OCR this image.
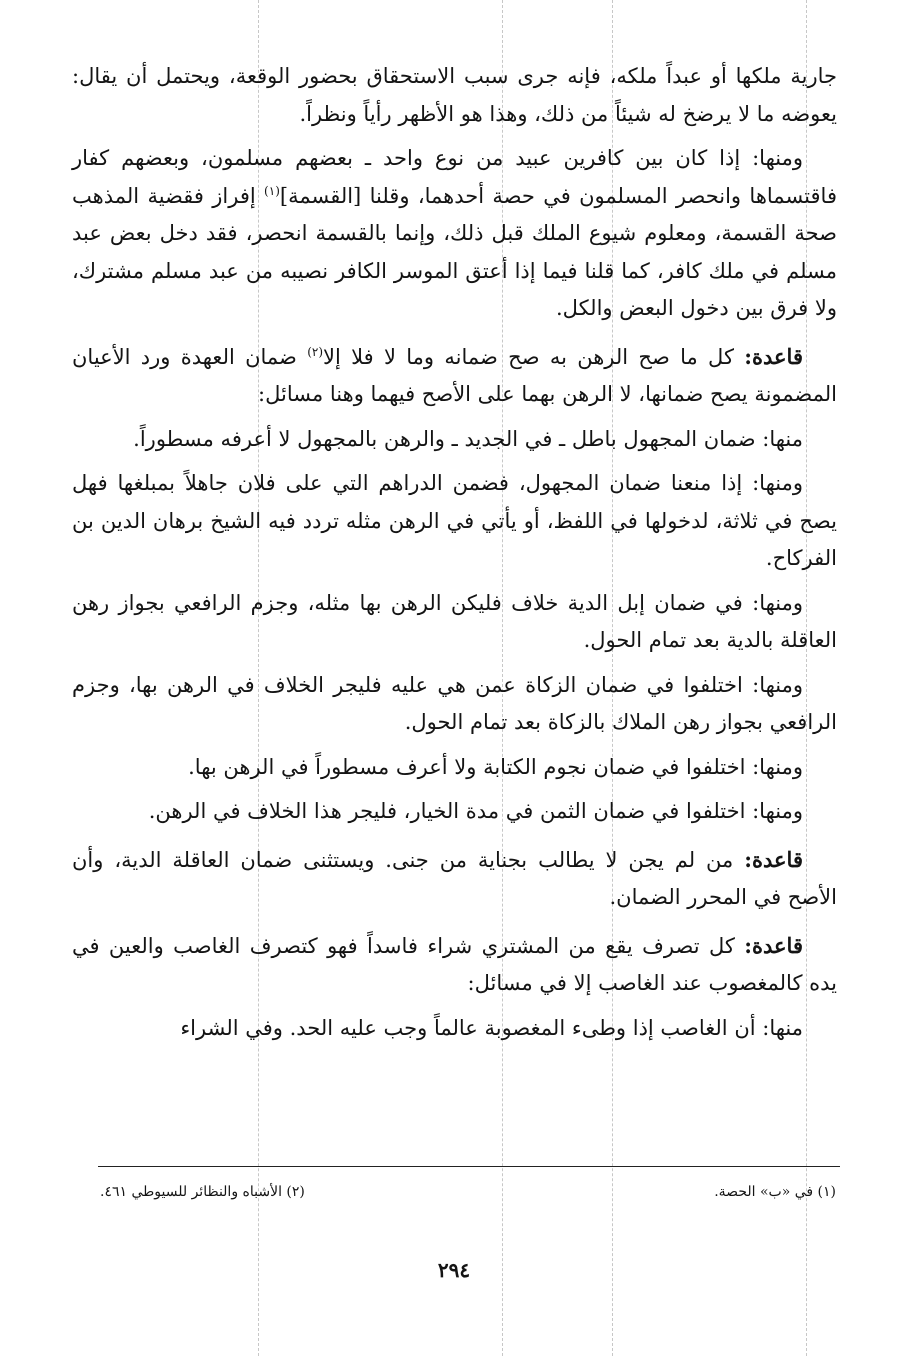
جارية ملكها أو عبداً ملكه، فإنه جرى سبب الاستحقاق بحضور الوقعة، ويحتمل أن يقال: يعوضه ما لا يرضخ له شيئاً من ذلك، وهذا هو الأظهر رأياً ونظراً.

ومنها: إذا كان بين كافرين عبيد من نوع واحد ـ بعضهم مسلمون، وبعضهم كفار فاقتسماها وانحصر المسلمون في حصة أحدهما، وقلنا [القسمة]$^{(١)}$ إفراز فقضية المذهب صحة القسمة، ومعلوم شيوع الملك قبل ذلك، وإنما بالقسمة انحصر، فقد دخل بعض عبد مسلم في ملك كافر، كما قلنا فيما إذا أعتق الموسر الكافر نصيبه من عبد مسلم مشترك، ولا فرق بين دخول البعض والكل.

قاعدة: كل ما صح الرهن به صح ضمانه وما لا فلا إلا$^{(٢)}$ ضمان العهدة ورد الأعيان المضمونة يصح ضمانها، لا الرهن بهما على الأصح فيهما وهنا مسائل:

منها: ضمان المجهول باطل ـ في الجديد ـ والرهن بالمجهول لا أعرفه مسطوراً.

ومنها: إذا منعنا ضمان المجهول، فضمن الدراهم التي على فلان جاهلاً بمبلغها فهل يصح في ثلاثة، لدخولها في اللفظ، أو يأتي في الرهن مثله تردد فيه الشيخ برهان الدين بن الفركاح.

ومنها: في ضمان إبل الدية خلاف فليكن الرهن بها مثله، وجزم الرافعي بجواز رهن العاقلة بالدية بعد تمام الحول.

ومنها: اختلفوا في ضمان الزكاة عمن هي عليه فليجر الخلاف في الرهن بها، وجزم الرافعي بجواز رهن الملاك بالزكاة بعد تمام الحول.

ومنها: اختلفوا في ضمان نجوم الكتابة ولا أعرف مسطوراً في الرهن بها.

ومنها: اختلفوا في ضمان الثمن في مدة الخيار، فليجر هذا الخلاف في الرهن.

قاعدة: من لم يجن لا يطالب بجناية من جنى. ويستثنى ضمان العاقلة الدية، وأن الأصح في المحرر الضمان.

قاعدة: كل تصرف يقع من المشتري شراء فاسداً فهو كتصرف الغاصب والعين في يده كالمغصوب عند الغاصب إلا في مسائل:

منها: أن الغاصب إذا وطىء المغصوبة عالماً وجب عليه الحد. وفي الشراء

(١) في «ب» الحصة.
(٢) الأشباه والنظائر للسيوطي ٤٦١.
٢٩٤
